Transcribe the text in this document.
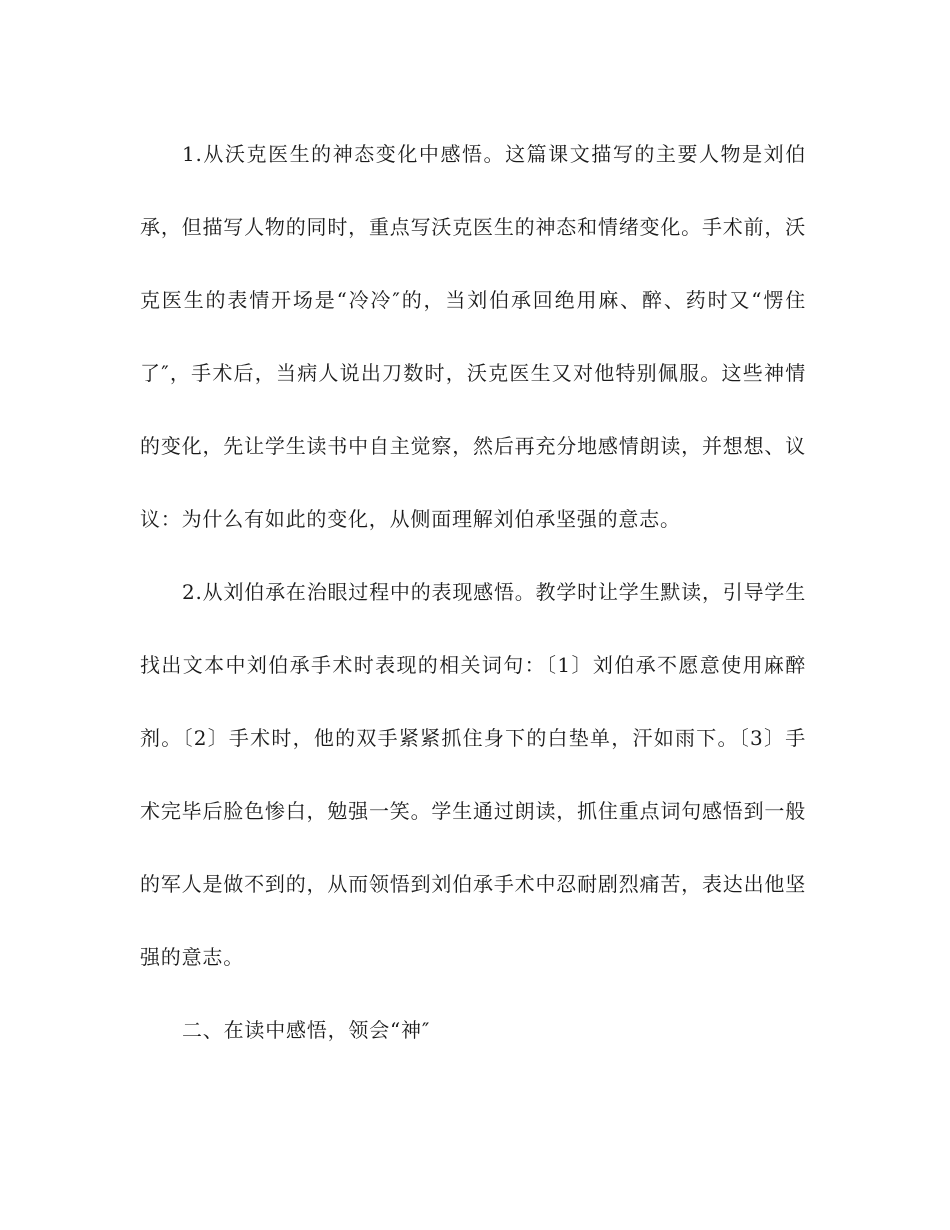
1.从沃克医生的神态变化中感悟。这篇课文描写的主要人物是刘伯承，但描写人物的同时，重点写沃克医生的神态和情绪变化。手术前，沃克医生的表情开场是“冷冷″的，当刘伯承回绝用麻、醉、药时又“愣住了″，手术后，当病人说出刀数时，沃克医生又对他特别佩服。这些神情的变化，先让学生读书中自主觉察，然后再充分地感情朗读，并想想、议议：为什么有如此的变化，从侧面理解刘伯承坚强的意志。

2.从刘伯承在治眼过程中的表现感悟。教学时让学生默读，引导学生找出文本中刘伯承手术时表现的相关词句：〔1〕刘伯承不愿意使用麻醉剂。〔2〕手术时，他的双手紧紧抓住身下的白垫单，汗如雨下。〔3〕手术完毕后脸色惨白，勉强一笑。学生通过朗读，抓住重点词句感悟到一般的军人是做不到的，从而领悟到刘伯承手术中忍耐剧烈痛苦，表达出他坚强的意志。

二、在读中感悟，领会“神″
